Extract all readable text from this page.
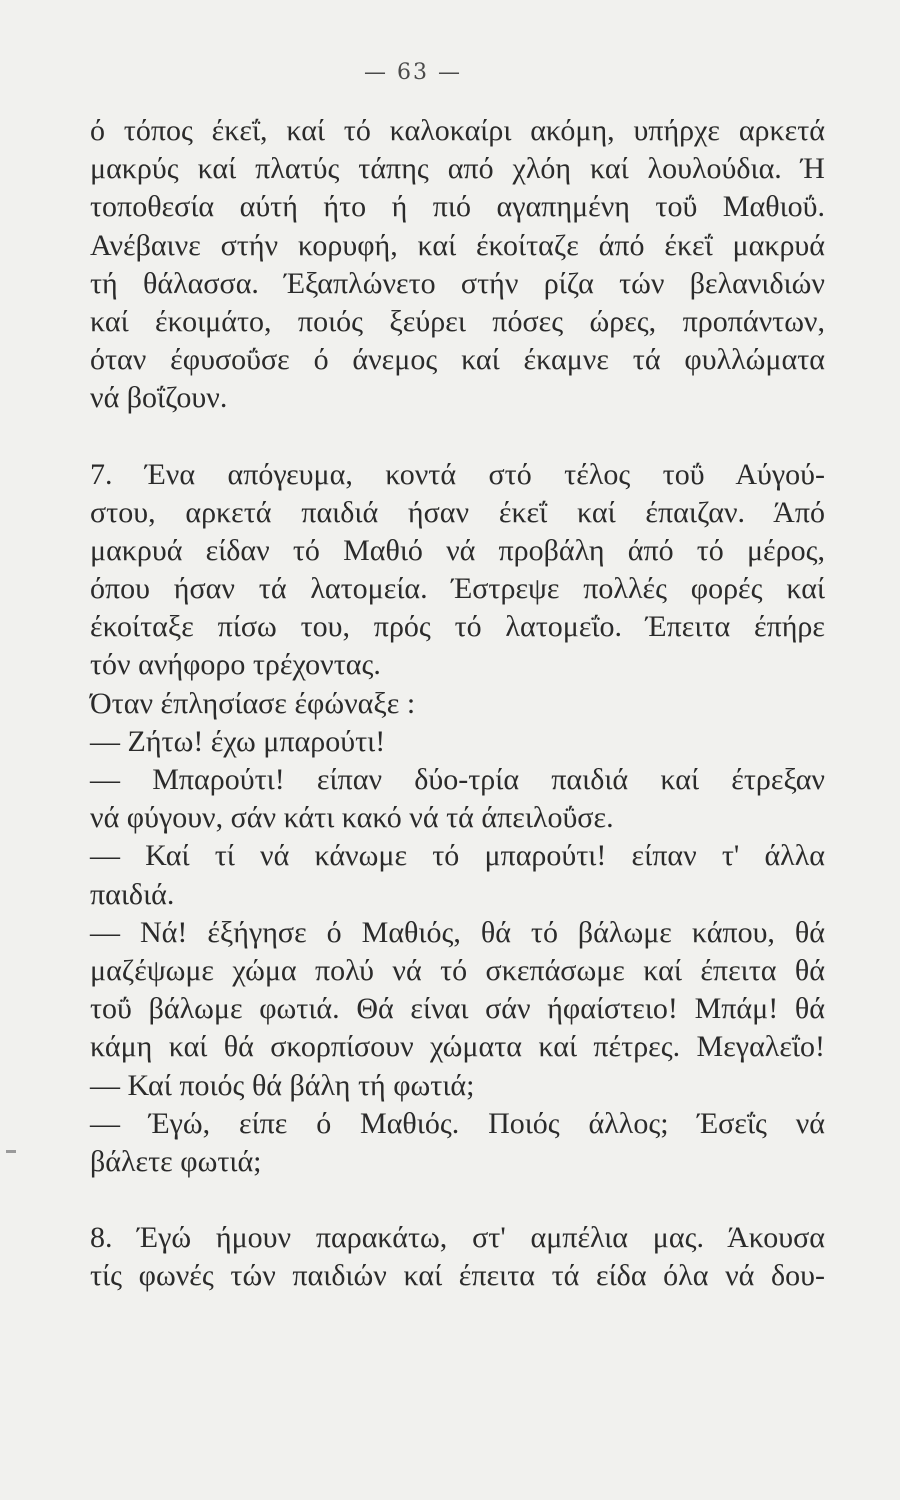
— 63 —
ό τόπος έκεΐ, καί τό καλοκαίρι ακόμη, υπήρχε αρκετά
μακρύς καί πλατύς τάπης από χλόη καί λουλούδια. Ή
τοποθεσία αύτή ήτο ή πιό αγαπημένη τοΰ Μαθιοΰ.
Ανέβαινε στήν κορυφή, καί έκοίταζε άπό έκεΐ μακρυά
τή θάλασσα. Έξαπλώνετο στήν ρίζα τών βελανιδιών
καί έκοιμάτο, ποιός ξεύρει πόσες ώρες, προπάντων,
όταν έφυσοΰσε ό άνεμος καί έκαμνε τά φυλλώματα
νά βοΐζουν.
7. Ένα απόγευμα, κοντά στό τέλος τοΰ Αύγού-
στου, αρκετά παιδιά ήσαν έκεΐ καί έπαιζαν. Άπό
μακρυά είδαν τό Μαθιό νά προβάλη άπό τό μέρος,
όπου ήσαν τά λατομεία. Έστρεψε πολλές φορές καί
έκοίταξε πίσω του, πρός τό λατομεΐο. Έπειτα έπήρε
τόν ανήφορο τρέχοντας.
Όταν έπλησίασε έφώναξε :
— Ζήτω! έχω μπαρούτι!
— Μπαρούτι! είπαν δύο-τρία παιδιά καί έτρεξαν
νά φύγουν, σάν κάτι κακό νά τά άπειλοΰσε.
— Καί τί νά κάνωμε τό μπαρούτι! είπαν τ' άλλα
παιδιά.
— Νά! έξήγησε ό Μαθιός, θά τό βάλωμε κάπου, θά
μαζέψωμε χώμα πολύ νά τό σκεπάσωμε καί έπειτα θά
τοΰ βάλωμε φωτιά. Θά είναι σάν ήφαίστειο! Μπάμ! θά
κάμη καί θά σκορπίσουν χώματα καί πέτρες. Μεγαλεΐο!
— Καί ποιός θά βάλη τή φωτιά;
— Έγώ, είπε ό Μαθιός. Ποιός άλλος; Έσεΐς νά
βάλετε φωτιά;
8. Έγώ ήμουν παρακάτω, στ' αμπέλια μας. Άκουσα
τίς φωνές τών παιδιών καί έπειτα τά είδα όλα νά δου-
